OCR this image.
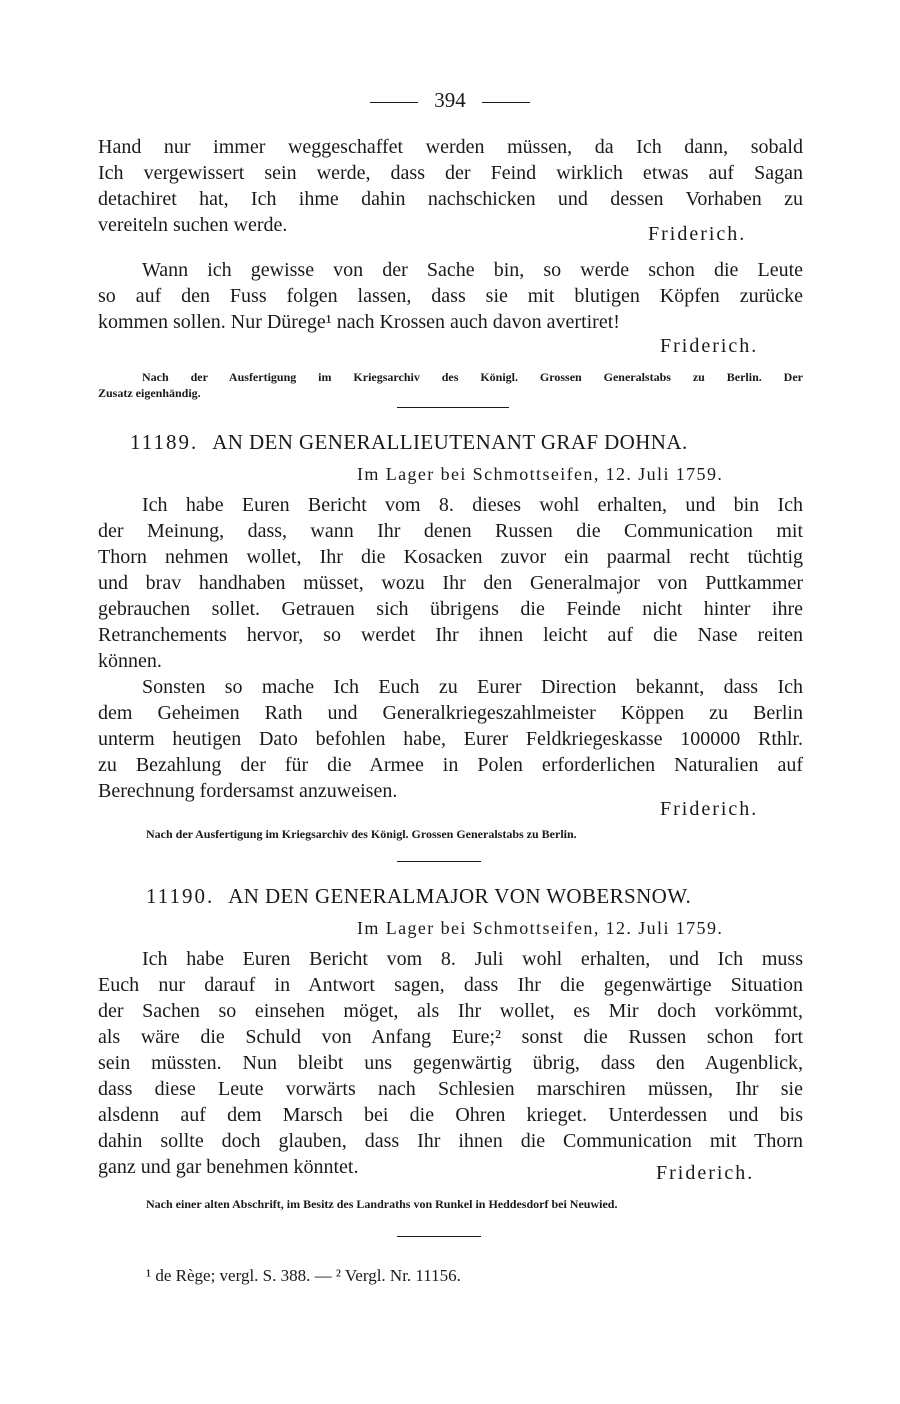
394
Hand nur immer weggeschaffet werden müssen, da Ich dann, sobald
Ich vergewissert sein werde, dass der Feind wirklich etwas auf Sagan
detachiret hat, Ich ihme dahin nachschicken und dessen Vorhaben zu
vereiteln suchen werde.	Friderich.
Wann ich gewisse von der Sache bin, so werde schon die Leute
so auf den Fuss folgen lassen, dass sie mit blutigen Köpfen zurücke
kommen sollen. Nur Dürege¹ nach Krossen auch davon avertiret!
Friderich.
Nach der Ausfertigung im Kriegsarchiv des Königl. Grossen Generalstabs zu Berlin. Der
Zusatz eigenhändig.
11189. AN DEN GENERALLIEUTENANT GRAF DOHNA.
Im Lager bei Schmottseifen, 12. Juli 1759.
Ich habe Euren Bericht vom 8. dieses wohl erhalten, und bin Ich
der Meinung, dass, wann Ihr denen Russen die Communication mit
Thorn nehmen wollet, Ihr die Kosacken zuvor ein paarmal recht tüchtig
und brav handhaben müsset, wozu Ihr den Generalmajor von Puttkammer
gebrauchen sollet. Getrauen sich übrigens die Feinde nicht hinter ihre
Retranchements hervor, so werdet Ihr ihnen leicht auf die Nase reiten
können.
Sonsten so mache Ich Euch zu Eurer Direction bekannt, dass Ich
dem Geheimen Rath und Generalkriegeszahlmeister Köppen zu Berlin
unterm heutigen Dato befohlen habe, Eurer Feldkriegeskasse 100000 Rthlr.
zu Bezahlung der für die Armee in Polen erforderlichen Naturalien auf
Berechnung fordersamst anzuweisen.
Friderich.
Nach der Ausfertigung im Kriegsarchiv des Königl. Grossen Generalstabs zu Berlin.
11190. AN DEN GENERALMAJOR VON WOBERSNOW.
Im Lager bei Schmottseifen, 12. Juli 1759.
Ich habe Euren Bericht vom 8. Juli wohl erhalten, und Ich muss
Euch nur darauf in Antwort sagen, dass Ihr die gegenwärtige Situation
der Sachen so einsehen möget, als Ihr wollet, es Mir doch vorkömmt,
als wäre die Schuld von Anfang Eure;² sonst die Russen schon fort
sein müssten. Nun bleibt uns gegenwärtig übrig, dass den Augenblick,
dass diese Leute vorwärts nach Schlesien marschiren müssen, Ihr sie
alsdenn auf dem Marsch bei die Ohren krieget. Unterdessen und bis
dahin sollte doch glauben, dass Ihr ihnen die Communication mit Thorn
ganz und gar benehmen könntet.	Friderich.
Nach einer alten Abschrift, im Besitz des Landraths von Runkel in Heddesdorf bei Neuwied.
¹ de Rège; vergl. S. 388. — ² Vergl. Nr. 11156.
